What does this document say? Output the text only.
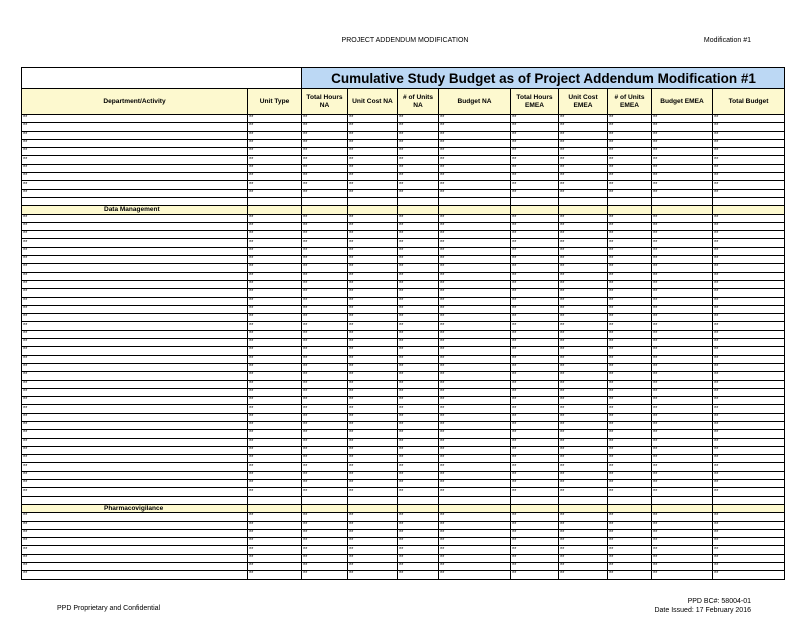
PROJECT ADDENDUM MODIFICATION	Modification #1
		Cumulative Study Budget as of Project Addendum Modification #1								
Department/Activity	Unit Type	Total Hours NA	Unit Cost NA	# of Units NA	Budget NA	Total Hours EMEA	Unit Cost EMEA	# of Units EMEA	Budget EMEA	Total Budget
**	**	**	**	**	**	**	**	**	**	**
**	**	**	**	**	**	**	**	**	**	**
**	**	**	**	**	**	**	**	**	**	**
**	**	**	**	**	**	**	**	**	**	**
**	**	**	**	**	**	**	**	**	**	**
**	**	**	**	**	**	**	**	**	**	**
**	**	**	**	**	**	**	**	**	**	**
**	**	**	**	**	**	**	**	**	**	**
**	**	**	**	**	**	**	**	**	**	**
**	**	**	**	**	**	**	**	**	**	**

Data Management										
**	**	**	**	**	**	**	**	**	**	**
**	**	**	**	**	**	**	**	**	**	**
**	**	**	**	**	**	**	**	**	**	**
**	**	**	**	**	**	**	**	**	**	**
**	**	**	**	**	**	**	**	**	**	**
**	**	**	**	**	**	**	**	**	**	**
**	**	**	**	**	**	**	**	**	**	**
**	**	**	**	**	**	**	**	**	**	**
**	**	**	**	**	**	**	**	**	**	**
**	**	**	**	**	**	**	**	**	**	**
**	**	**	**	**	**	**	**	**	**	**
**	**	**	**	**	**	**	**	**	**	**
**	**	**	**	**	**	**	**	**	**	**
**	**	**	**	**	**	**	**	**	**	**
**	**	**	**	**	**	**	**	**	**	**
**	**	**	**	**	**	**	**	**	**	**
**	**	**	**	**	**	**	**	**	**	**
**	**	**	**	**	**	**	**	**	**	**
**	**	**	**	**	**	**	**	**	**	**
**	**	**	**	**	**	**	**	**	**	**
**	**	**	**	**	**	**	**	**	**	**
**	**	**	**	**	**	**	**	**	**	**
**	**	**	**	**	**	**	**	**	**	**
**	**	**	**	**	**	**	**	**	**	**
**	**	**	**	**	**	**	**	**	**	**
**	**	**	**	**	**	**	**	**	**	**
**	**	**	**	**	**	**	**	**	**	**
**	**	**	**	**	**	**	**	**	**	**
**	**	**	**	**	**	**	**	**	**	**
**	**	**	**	**	**	**	**	**	**	**
**	**	**	**	**	**	**	**	**	**	**
**	**	**	**	**	**	**	**	**	**	**
**	**	**	**	**	**	**	**	**	**	**
**	**	**	**	**	**	**	**	**	**	**

Pharmacovigilance										
**	**	**	**	**	**	**	**	**	**	**
**	**	**	**	**	**	**	**	**	**	**
**	**	**	**	**	**	**	**	**	**	**
**	**	**	**	**	**	**	**	**	**	**
**	**	**	**	**	**	**	**	**	**	**
**	**	**	**	**	**	**	**	**	**	**
**	**	**	**	**	**	**	**	**	**	**
**	**	**	**	**	**	**	**	**	**	**
PPD Proprietary and Confidential
PPD BC#: 58004-01
Date Issued: 17 February 2016
